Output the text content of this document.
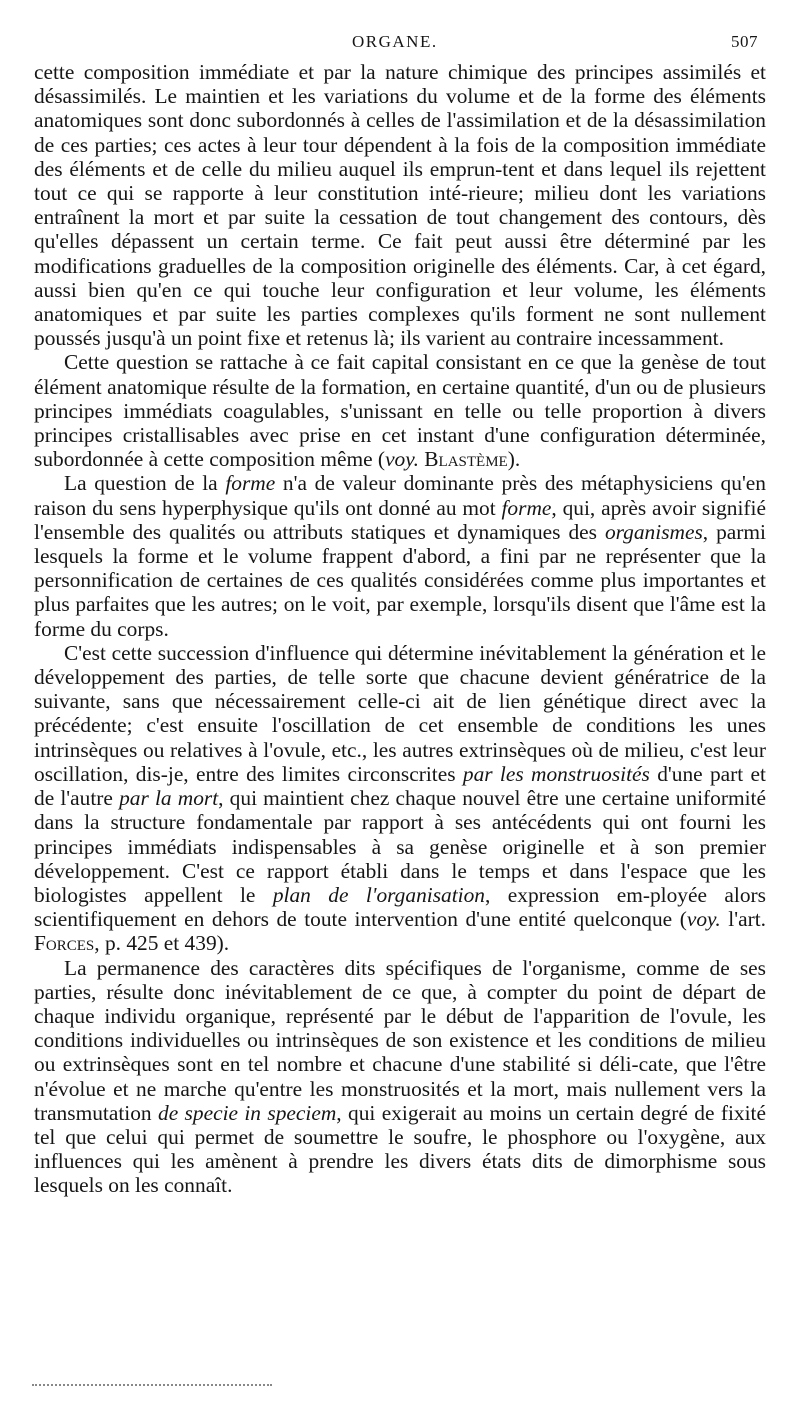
ORGANE.	507

cette composition immédiate et par la nature chimique des principes assimilés et désassimilés. Le maintien et les variations du volume et de la forme des éléments anatomiques sont donc subordonnés à celles de l'assimilation et de la désassimilation de ces parties; ces actes à leur tour dépendent à la fois de la composition immédiate des éléments et de celle du milieu auquel ils emprun-tent et dans lequel ils rejettent tout ce qui se rapporte à leur constitution inté-rieure; milieu dont les variations entraînent la mort et par suite la cessation de tout changement des contours, dès qu'elles dépassent un certain terme. Ce fait peut aussi être déterminé par les modifications graduelles de la composition originelle des éléments. Car, à cet égard, aussi bien qu'en ce qui touche leur configuration et leur volume, les éléments anatomiques et par suite les parties complexes qu'ils forment ne sont nullement poussés jusqu'à un point fixe et retenus là; ils varient au contraire incessamment.

Cette question se rattache à ce fait capital consistant en ce que la genèse de tout élément anatomique résulte de la formation, en certaine quantité, d'un ou de plusieurs principes immédiats coagulables, s'unissant en telle ou telle proportion à divers principes cristallisables avec prise en cet instant d'une configuration déterminée, subordonnée à cette composition même (voy. Blastème).

La question de la forme n'a de valeur dominante près des métaphysiciens qu'en raison du sens hyperphysique qu'ils ont donné au mot forme, qui, après avoir signifié l'ensemble des qualités ou attributs statiques et dynamiques des organismes, parmi lesquels la forme et le volume frappent d'abord, a fini par ne représenter que la personnification de certaines de ces qualités considérées comme plus importantes et plus parfaites que les autres; on le voit, par exemple, lorsqu'ils disent que l'âme est la forme du corps.

C'est cette succession d'influence qui détermine inévitablement la génération et le développement des parties, de telle sorte que chacune devient génératrice de la suivante, sans que nécessairement celle-ci ait de lien génétique direct avec la précédente; c'est ensuite l'oscillation de cet ensemble de conditions les unes intrinsèques ou relatives à l'ovule, etc., les autres extrinsèques où de milieu, c'est leur oscillation, dis-je, entre des limites circonscrites par les monstruosités d'une part et de l'autre par la mort, qui maintient chez chaque nouvel être une certaine uniformité dans la structure fondamentale par rapport à ses antécédents qui ont fourni les principes immédiats indispensables à sa genèse originelle et à son premier développement. C'est ce rapport établi dans le temps et dans l'espace que les biologistes appellent le plan de l'organisation, expression em-ployée alors scientifiquement en dehors de toute intervention d'une entité quelconque (voy. l'art. Forces, p. 425 et 439).

La permanence des caractères dits spécifiques de l'organisme, comme de ses parties, résulte donc inévitablement de ce que, à compter du point de départ de chaque individu organique, représenté par le début de l'apparition de l'ovule, les conditions individuelles ou intrinsèques de son existence et les conditions de milieu ou extrinsèques sont en tel nombre et chacune d'une stabilité si déli-cate, que l'être n'évolue et ne marche qu'entre les monstruosités et la mort, mais nullement vers la transmutation de specie in speciem, qui exigerait au moins un certain degré de fixité tel que celui qui permet de soumettre le soufre, le phosphore ou l'oxygène, aux influences qui les amènent à prendre les divers états dits de dimorphisme sous lesquels on les connaît.
